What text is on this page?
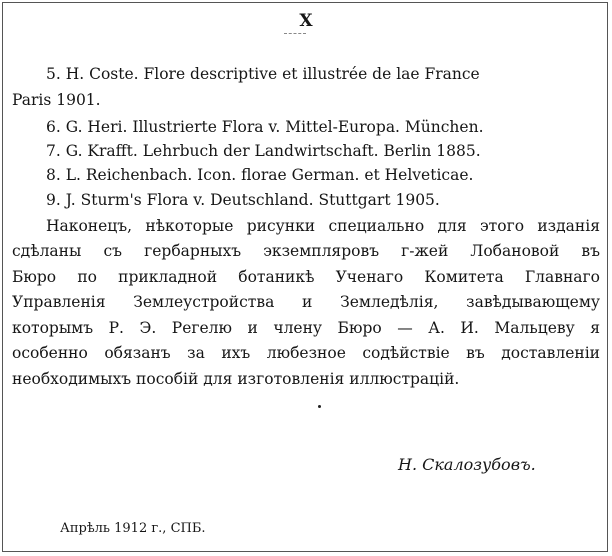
X
5. H. Coste. Flore descriptive et illustrée de lae France
Paris 1901.
6. G. Heri. Illustrierte Flora v. Mittel-Europa. München.
7. G. Krafft. Lehrbuch der Landwirtschaft. Berlin 1885.
8. L. Reichenbach. Icon. florae German. et Helveticae.
9. J. Sturm's Flora v. Deutschland. Stuttgart 1905.
Наконецъ, нѣкоторые рисунки специально для этого изданія
сдѣланы съ гербарныхъ экземпляровъ г-жей Лобановой въ
Бюро по прикладной ботаникѣ Ученаго Комитета Главнаго
Управленія Землеустройства и Земледѣлія, завѣдывающему
которымъ Р. Э. Регелю и члену Бюро — А. И. Мальцеву я
особенно обязанъ за ихъ любезное содѣйствіе въ доставленіи
необходимыхъ пособій для изготовленія иллюстрацій.
Н. Скалозубовъ.
Апрѣль 1912 г., СПБ.
